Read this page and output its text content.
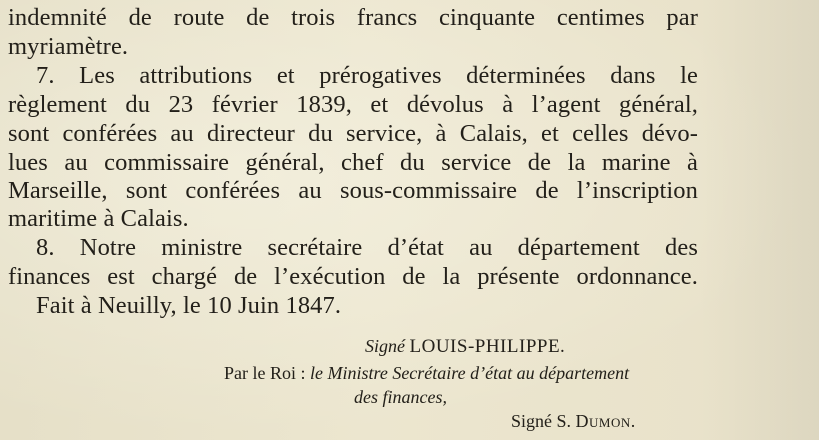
indemnité de route de trois francs cinquante centimes par
myriamètre.
7. Les attributions et prérogatives déterminées dans le
règlement du 23 février 1839, et dévolus à l’agent général,
sont conférées au directeur du service, à Calais, et celles dévo-
lues au commissaire général, chef du service de la marine à
Marseille, sont conférées au sous-commissaire de l’inscription
maritime à Calais.
8. Notre ministre secrétaire d’état au département des
finances est chargé de l’exécution de la présente ordonnance.
Fait à Neuilly, le 10 Juin 1847.
Signé LOUIS-PHILIPPE.
Par le Roi : le Ministre Secrétaire d’état au département
des finances,
Signé S. Dumon.
